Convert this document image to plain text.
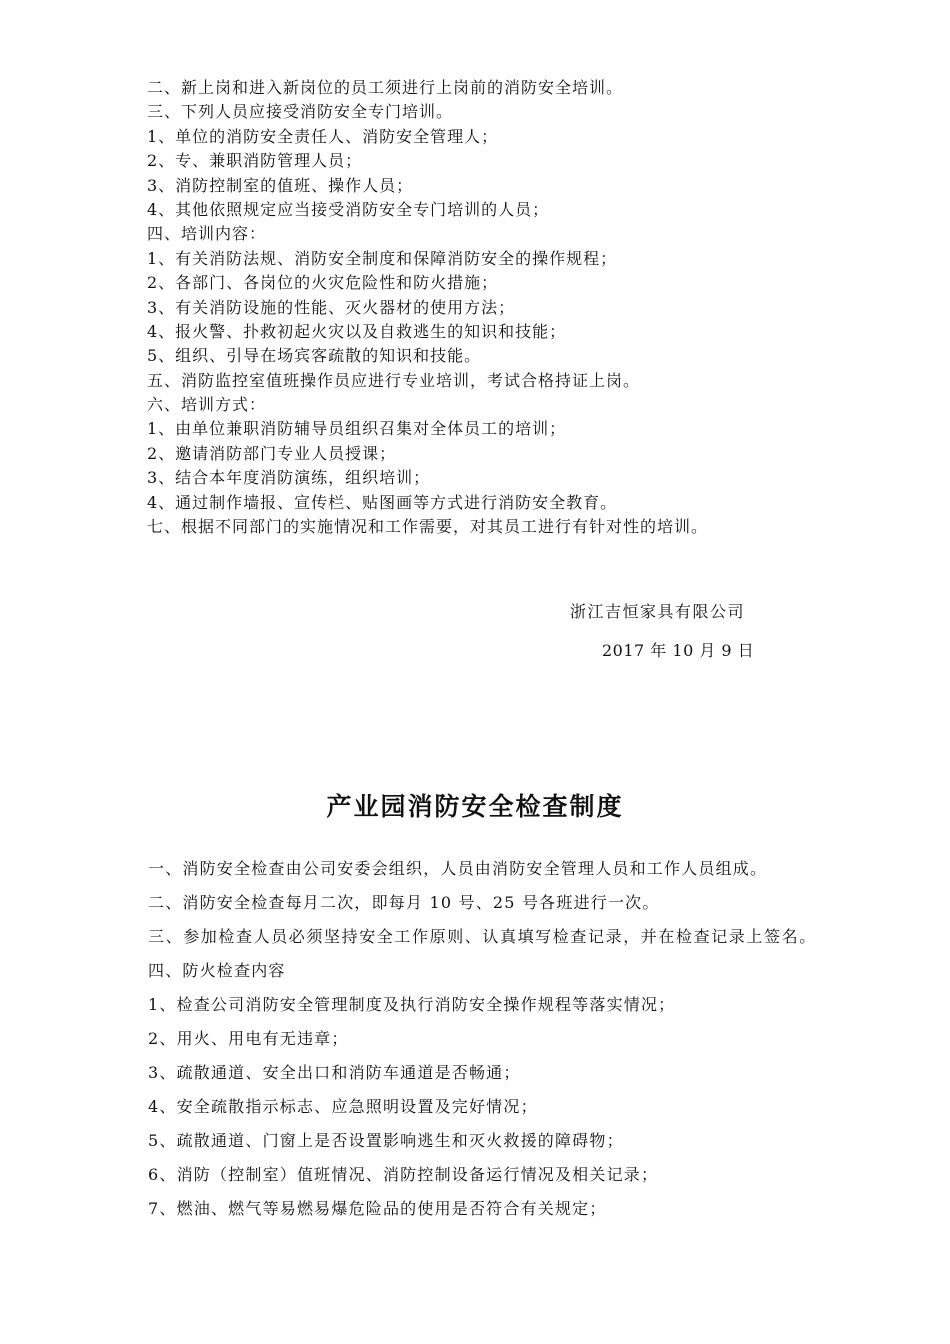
二、新上岗和进入新岗位的员工须进行上岗前的消防安全培训。
三、下列人员应接受消防安全专门培训。
1、单位的消防安全责任人、消防安全管理人；
2、专、兼职消防管理人员；
3、消防控制室的值班、操作人员；
4、其他依照规定应当接受消防安全专门培训的人员；
四、培训内容：
1、有关消防法规、消防安全制度和保障消防安全的操作规程；
2、各部门、各岗位的火灾危险性和防火措施；
3、有关消防设施的性能、灭火器材的使用方法；
4、报火警、扑救初起火灾以及自救逃生的知识和技能；
5、组织、引导在场宾客疏散的知识和技能。
五、消防监控室值班操作员应进行专业培训，考试合格持证上岗。
六、培训方式：
1、由单位兼职消防辅导员组织召集对全体员工的培训；
2、邀请消防部门专业人员授课；
3、结合本年度消防演练，组织培训；
4、通过制作墙报、宣传栏、贴图画等方式进行消防安全教育。
七、根据不同部门的实施情况和工作需要，对其员工进行有针对性的培训。
浙江吉恒家具有限公司
2017 年 10 月 9 日
产业园消防安全检查制度

一、消防安全检查由公司安委会组织，人员由消防安全管理人员和工作人员组成。

二、消防安全检查每月二次，即每月 10 号、25 号各班进行一次。

三、参加检查人员必须坚持安全工作原则、认真填写检查记录，并在检查记录上签名。

四、防火检查内容

1、检查公司消防安全管理制度及执行消防安全操作规程等落实情况；

2、用火、用电有无违章；

3、疏散通道、安全出口和消防车通道是否畅通；

4、安全疏散指示标志、应急照明设置及完好情况；

5、疏散通道、门窗上是否设置影响逃生和灭火救援的障碍物；

6、消防（控制室）值班情况、消防控制设备运行情况及相关记录；

7、燃油、燃气等易燃易爆危险品的使用是否符合有关规定；
